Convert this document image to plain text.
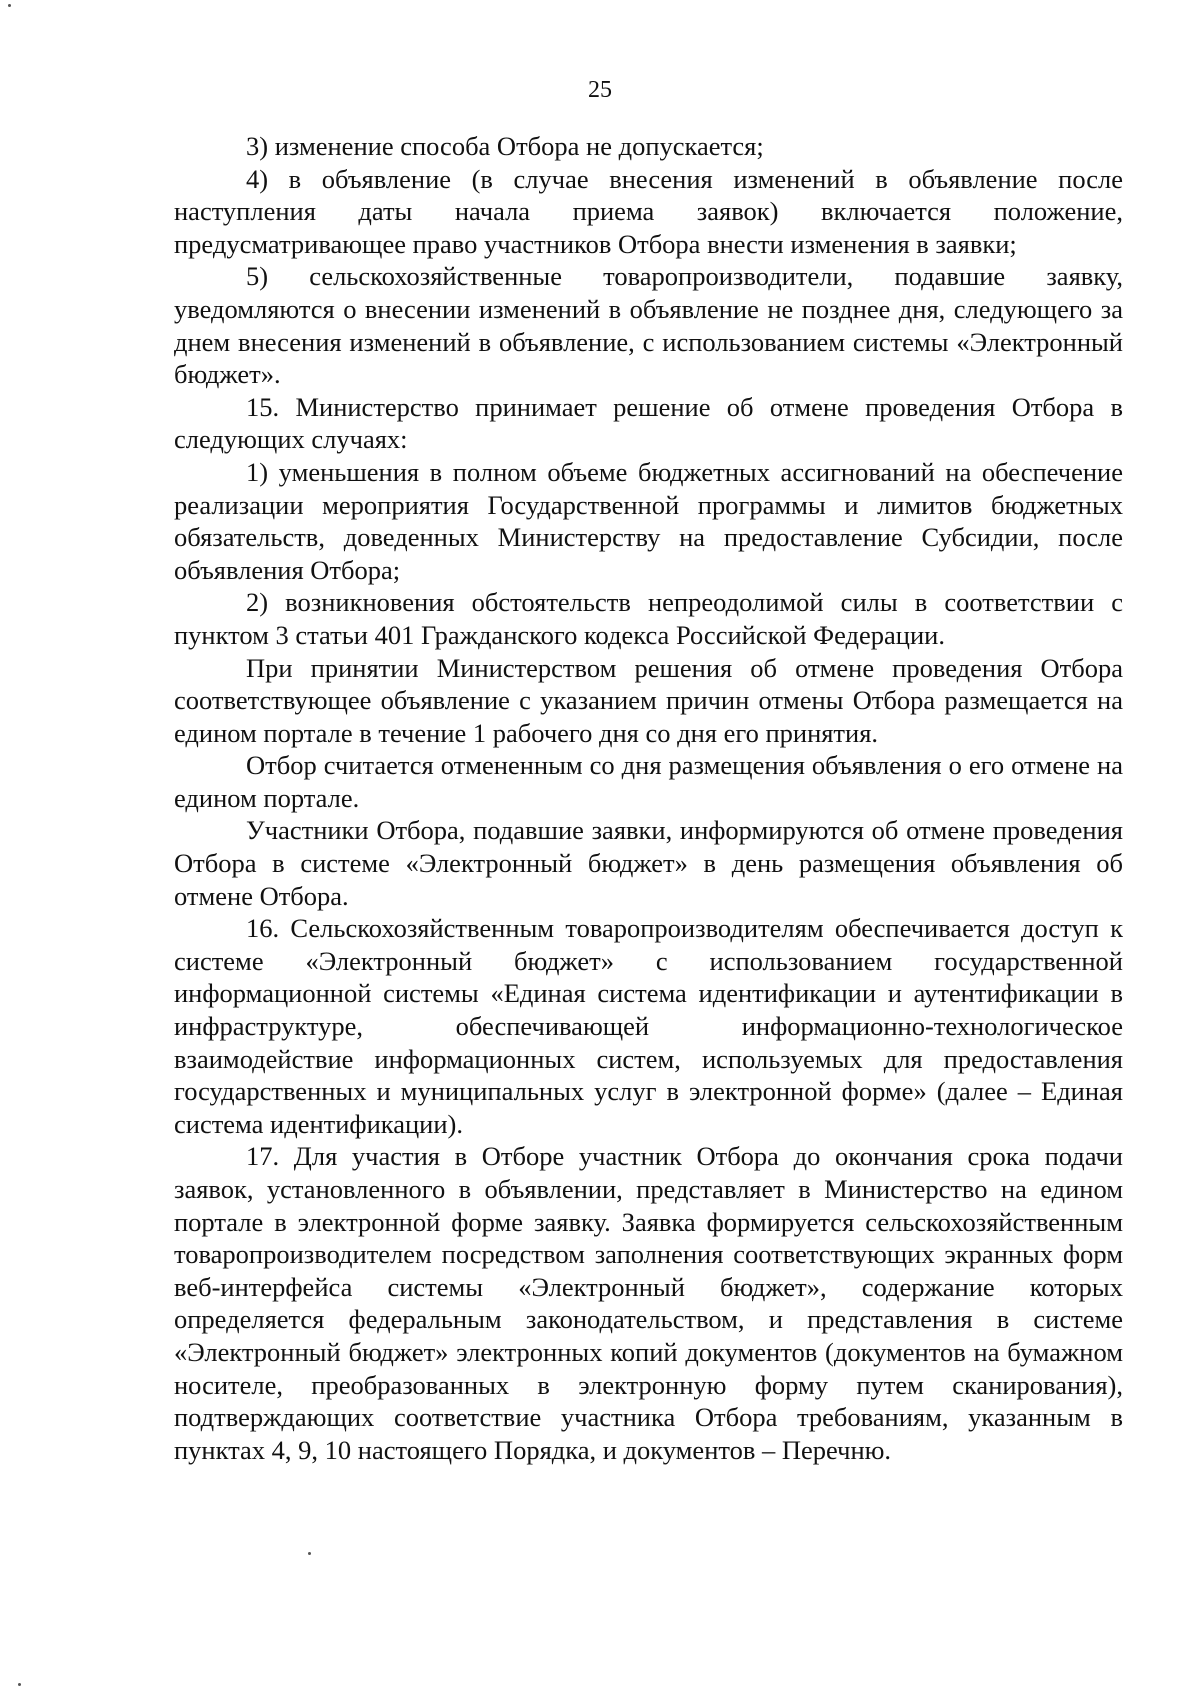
25

3) изменение способа Отбора не допускается;

4) в объявление (в случае внесения изменений в объявление после наступления даты начала приема заявок) включается положение, предусматривающее право участников Отбора внести изменения в заявки;

5) сельскохозяйственные товаропроизводители, подавшие заявку, уведомляются о внесении изменений в объявление не позднее дня, следующего за днем внесения изменений в объявление, с использованием системы «Электронный бюджет».

15. Министерство принимает решение об отмене проведения Отбора в следующих случаях:

1) уменьшения в полном объеме бюджетных ассигнований на обеспечение реализации мероприятия Государственной программы и лимитов бюджетных обязательств, доведенных Министерству на предоставление Субсидии, после объявления Отбора;

2) возникновения обстоятельств непреодолимой силы в соответствии с пунктом 3 статьи 401 Гражданского кодекса Российской Федерации.

При принятии Министерством решения об отмене проведения Отбора соответствующее объявление с указанием причин отмены Отбора размещается на едином портале в течение 1 рабочего дня со дня его принятия.

Отбор считается отмененным со дня размещения объявления о его отмене на едином портале.

Участники Отбора, подавшие заявки, информируются об отмене проведения Отбора в системе «Электронный бюджет» в день размещения объявления об отмене Отбора.

16. Сельскохозяйственным товаропроизводителям обеспечивается доступ к системе «Электронный бюджет» с использованием государственной информационной системы «Единая система идентификации и аутентификации в инфраструктуре, обеспечивающей информационно-технологическое взаимодействие информационных систем, используемых для предоставления государственных и муниципальных услуг в электронной форме» (далее – Единая система идентификации).

17. Для участия в Отборе участник Отбора до окончания срока подачи заявок, установленного в объявлении, представляет в Министерство на едином портале в электронной форме заявку. Заявка формируется сельскохозяйственным товаропроизводителем посредством заполнения соответствующих экранных форм веб-интерфейса системы «Электронный бюджет», содержание которых определяется федеральным законодательством, и представления в системе «Электронный бюджет» электронных копий документов (документов на бумажном носителе, преобразованных в электронную форму путем сканирования), подтверждающих соответствие участника Отбора требованиям, указанным в пунктах 4, 9, 10 настоящего Порядка, и документов – Перечню.
